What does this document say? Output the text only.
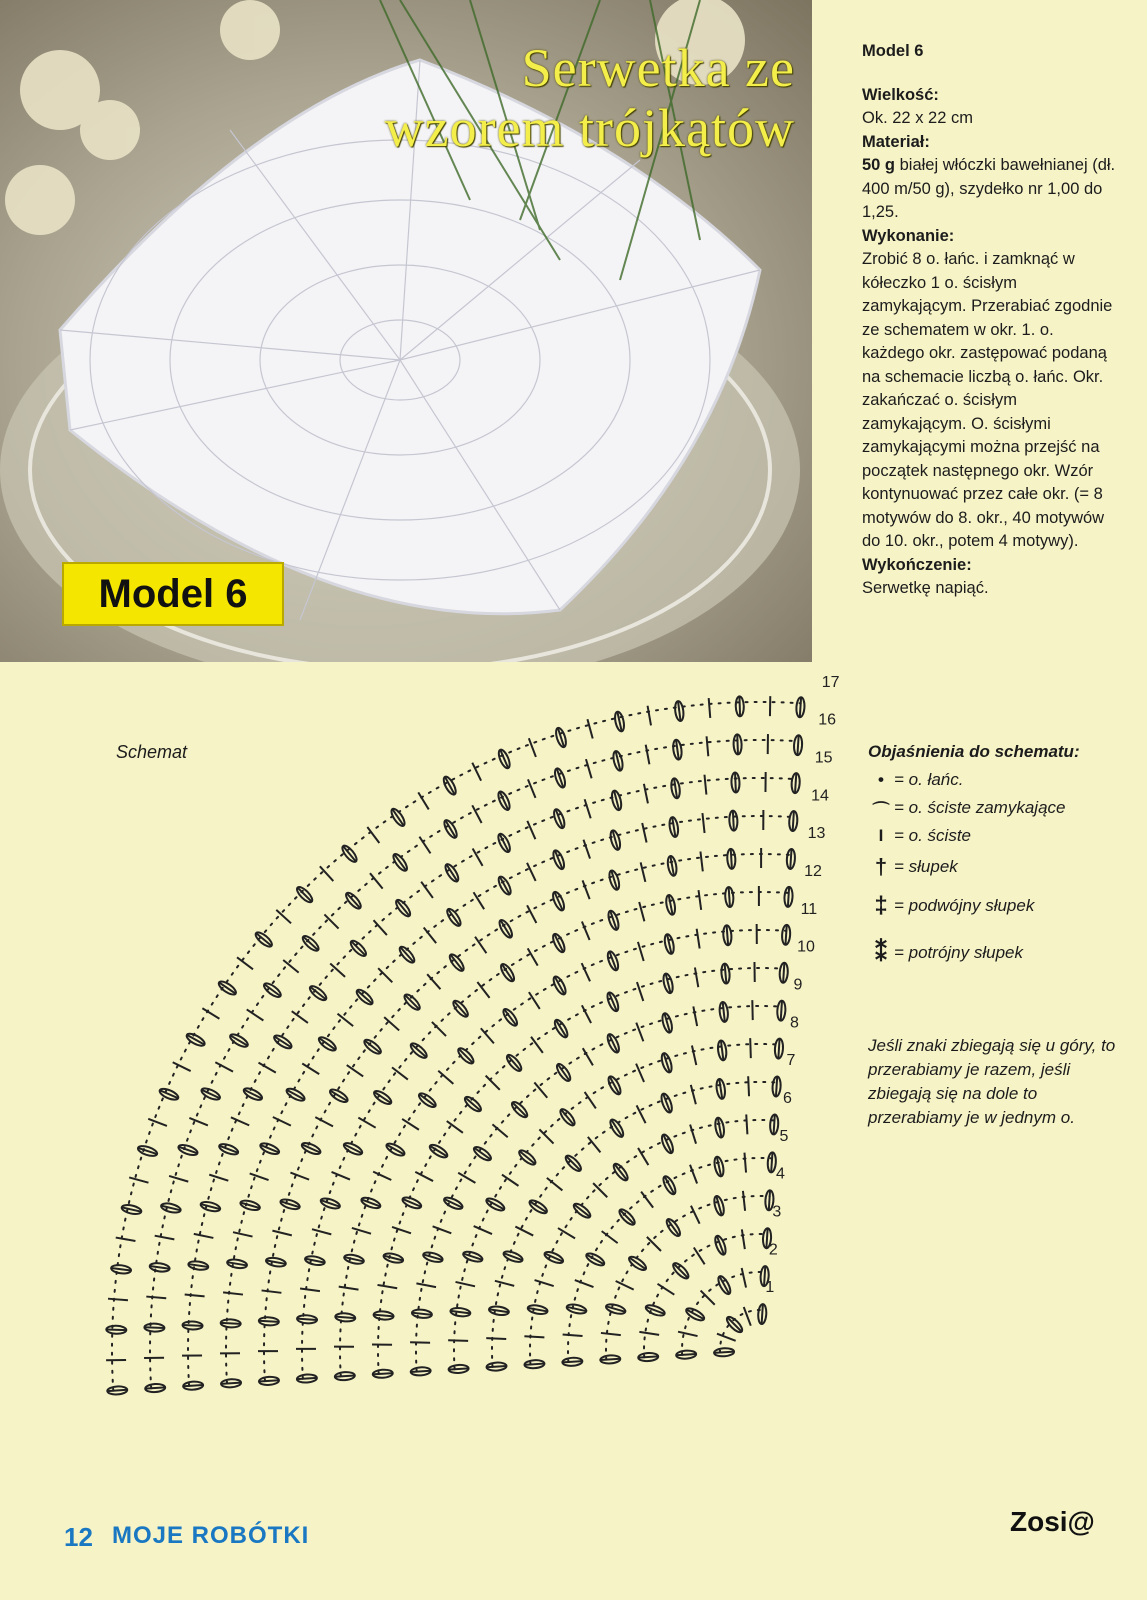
Serwetka ze
wzorem trójkątów
Model 6
Model 6
Wielkość:

Ok. 22 x 22 cm

Materiał:

50 g białej włóczki bawełnianej (dł. 400 m/50 g), szydełko nr 1,00 do 1,25.

Wykonanie:

Zrobić 8 o. łańc. i zamknąć w kółeczko 1 o. ścisłym zamykającym. Przerabiać zgodnie ze schematem w okr. 1. o. każdego okr. zastępować podaną na schemacie liczbą o. łańc. Okr. zakańczać o. ścisłym zamykającym. O. ścisłymi zamykającymi można przejść na początek następnego okr. Wzór kontynuować przez całe okr. (= 8 motywów do 8. okr., 40 motywów do 10. okr., potem 4 motywy).

Wykończenie:

Serwetkę napiąć.

Schemat
1
2
3
4
5
6
7
8
9
10
11
12
13
14
15
16
17
Objaśnienia do schematu:
• = o. łańc.
⌒ = o. ściste zamykające
I = o. ściste
† = słupek
‡ = podwójny słupek
⁑ = potrójny słupek
Jeśli znaki zbiegają się u góry, to przerabiamy je razem, jeśli zbiegają się na dole to przerabiamy je w jednym o.
12 MOJE ROBÓTKI	Zosi@
